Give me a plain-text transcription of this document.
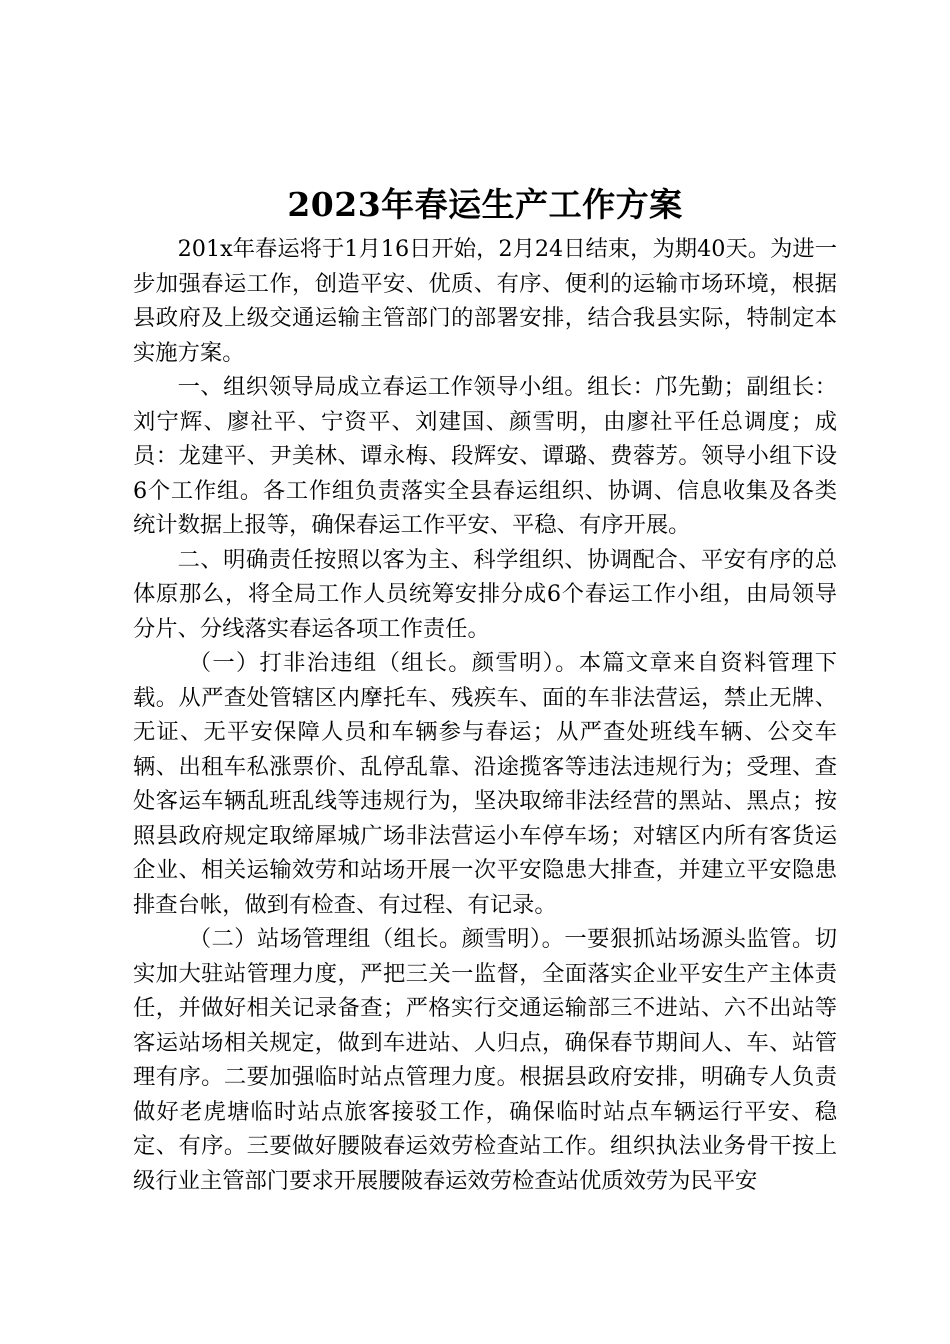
2023年春运生产工作方案

201x年春运将于1月16日开始，2月24日结束，为期40天。为进一步加强春运工作，创造平安、优质、有序、便利的运输市场环境，根据县政府及上级交通运输主管部门的部署安排，结合我县实际，特制定本实施方案。

一、组织领导局成立春运工作领导小组。组长：邝先勤；副组长：刘宁辉、廖社平、宁资平、刘建国、颜雪明，由廖社平任总调度；成员：龙建平、尹美林、谭永梅、段辉安、谭璐、费蓉芳。领导小组下设6个工作组。各工作组负责落实全县春运组织、协调、信息收集及各类统计数据上报等，确保春运工作平安、平稳、有序开展。

二、明确责任按照以客为主、科学组织、协调配合、平安有序的总体原那么，将全局工作人员统筹安排分成6个春运工作小组，由局领导分片、分线落实春运各项工作责任。

（一）打非治违组（组长。颜雪明）。本篇文章来自资料管理下载。从严查处管辖区内摩托车、残疾车、面的车非法营运，禁止无牌、无证、无平安保障人员和车辆参与春运；从严查处班线车辆、公交车辆、出租车私涨票价、乱停乱靠、沿途揽客等违法违规行为；受理、查处客运车辆乱班乱线等违规行为，坚决取缔非法经营的黑站、黑点；按照县政府规定取缔犀城广场非法营运小车停车场；对辖区内所有客货运企业、相关运输效劳和站场开展一次平安隐患大排查，并建立平安隐患排查台帐，做到有检查、有过程、有记录。

（二）站场管理组（组长。颜雪明）。一要狠抓站场源头监管。切实加大驻站管理力度，严把三关一监督，全面落实企业平安生产主体责任，并做好相关记录备查；严格实行交通运输部三不进站、六不出站等客运站场相关规定，做到车进站、人归点，确保春节期间人、车、站管理有序。二要加强临时站点管理力度。根据县政府安排，明确专人负责做好老虎塘临时站点旅客接驳工作，确保临时站点车辆运行平安、稳定、有序。三要做好腰陂春运效劳检查站工作。组织执法业务骨干按上级行业主管部门要求开展腰陂春运效劳检查站优质效劳为民平安
